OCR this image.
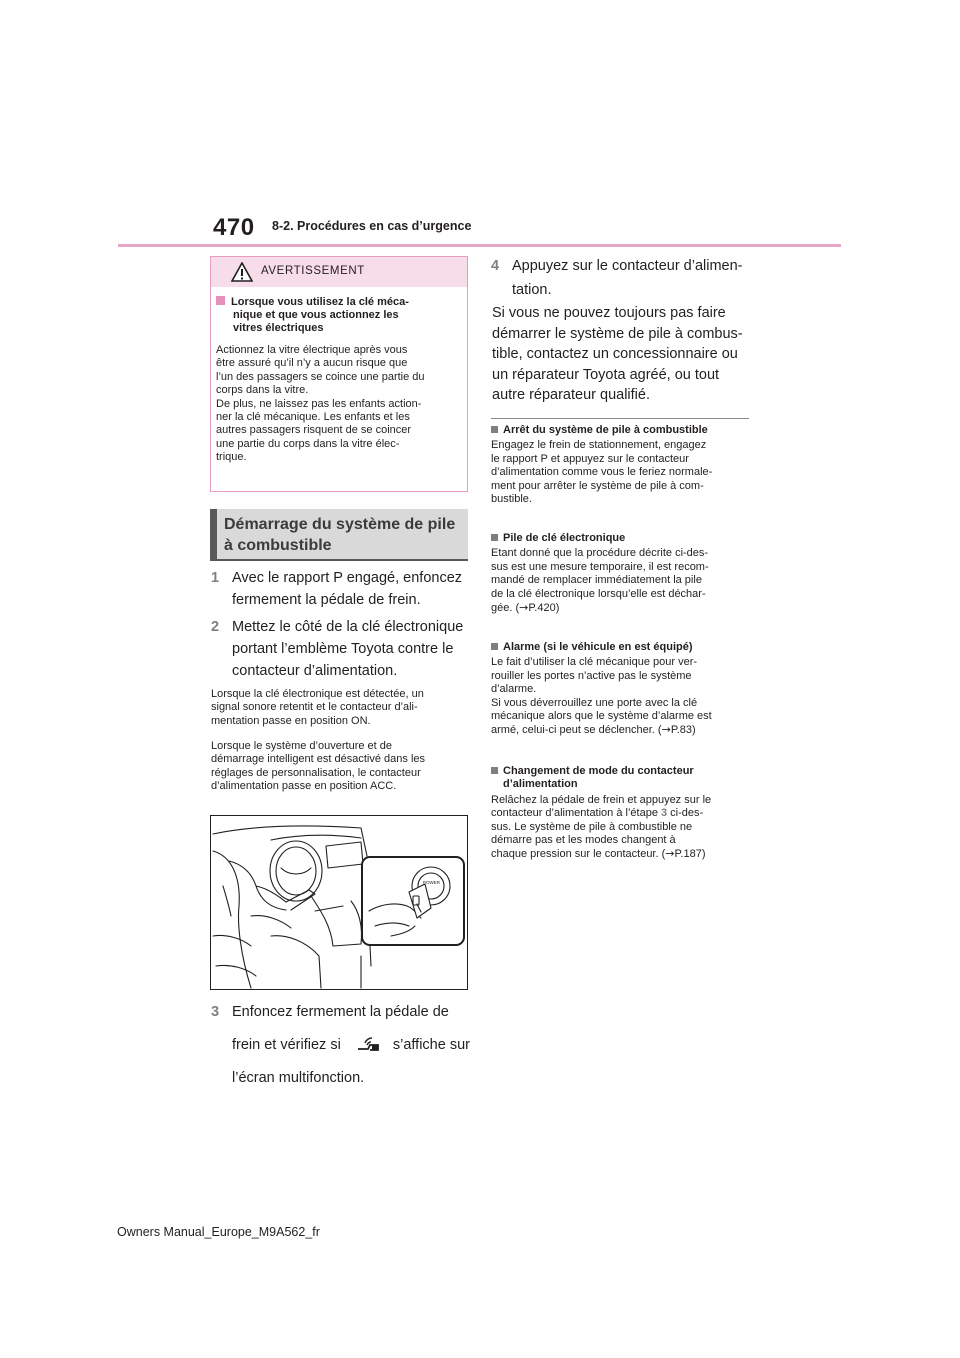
470 8-2. Procédures en cas d’urgence
AVERTISSEMENT
Lorsque vous utilisez la clé méca-
nique et que vous actionnez les
vitres électriques
Actionnez la vitre électrique après vous
être assuré qu’il n’y a aucun risque que
l’un des passagers se coince une partie du
corps dans la vitre.
De plus, ne laissez pas les enfants action-
ner la clé mécanique. Les enfants et les
autres passagers risquent de se coincer
une partie du corps dans la vitre élec-
trique.
Démarrage du système de pile
à combustible
1 Avec le rapport P engagé, enfoncez
fermement la pédale de frein.
2 Mettez le côté de la clé électronique
portant l’emblème Toyota contre le
contacteur d’alimentation.
Lorsque la clé électronique est détectée, un
signal sonore retentit et le contacteur d’ali-
mentation passe en position ON.
Lorsque le système d’ouverture et de
démarrage intelligent est désactivé dans les
réglages de personnalisation, le contacteur
d’alimentation passe en position ACC.
POWER
3 Enfoncez fermement la pédale de
frein et vérifiez si	s’affiche sur
l’écran multifonction.
4 Appuyez sur le contacteur d’alimen-
tation.
Si vous ne pouvez toujours pas faire
démarrer le système de pile à combus-
tible, contactez un concessionnaire ou
un réparateur Toyota agréé, ou tout
autre réparateur qualifié.
Arrêt du système de pile à combustible
Engagez le frein de stationnement, engagez
le rapport P et appuyez sur le contacteur
d’alimentation comme vous le feriez normale-
ment pour arrêter le système de pile à com-
bustible.
Pile de clé électronique
Etant donné que la procédure décrite ci-des-
sus est une mesure temporaire, il est recom-
mandé de remplacer immédiatement la pile
de la clé électronique lorsqu’elle est déchar-
gée. (→P.420)
Alarme (si le véhicule en est équipé)
Le fait d’utiliser la clé mécanique pour ver-
rouiller les portes n’active pas le système
d’alarme.
Si vous déverrouillez une porte avec la clé
mécanique alors que le système d’alarme est
armé, celui-ci peut se déclencher. (→P.83)
Changement de mode du contacteur
d’alimentation
Relâchez la pédale de frein et appuyez sur le
contacteur d’alimentation à l’étape 3 ci-des-
sus. Le système de pile à combustible ne
démarre pas et les modes changent à
chaque pression sur le contacteur. (→P.187)
Owners Manual_Europe_M9A562_fr
